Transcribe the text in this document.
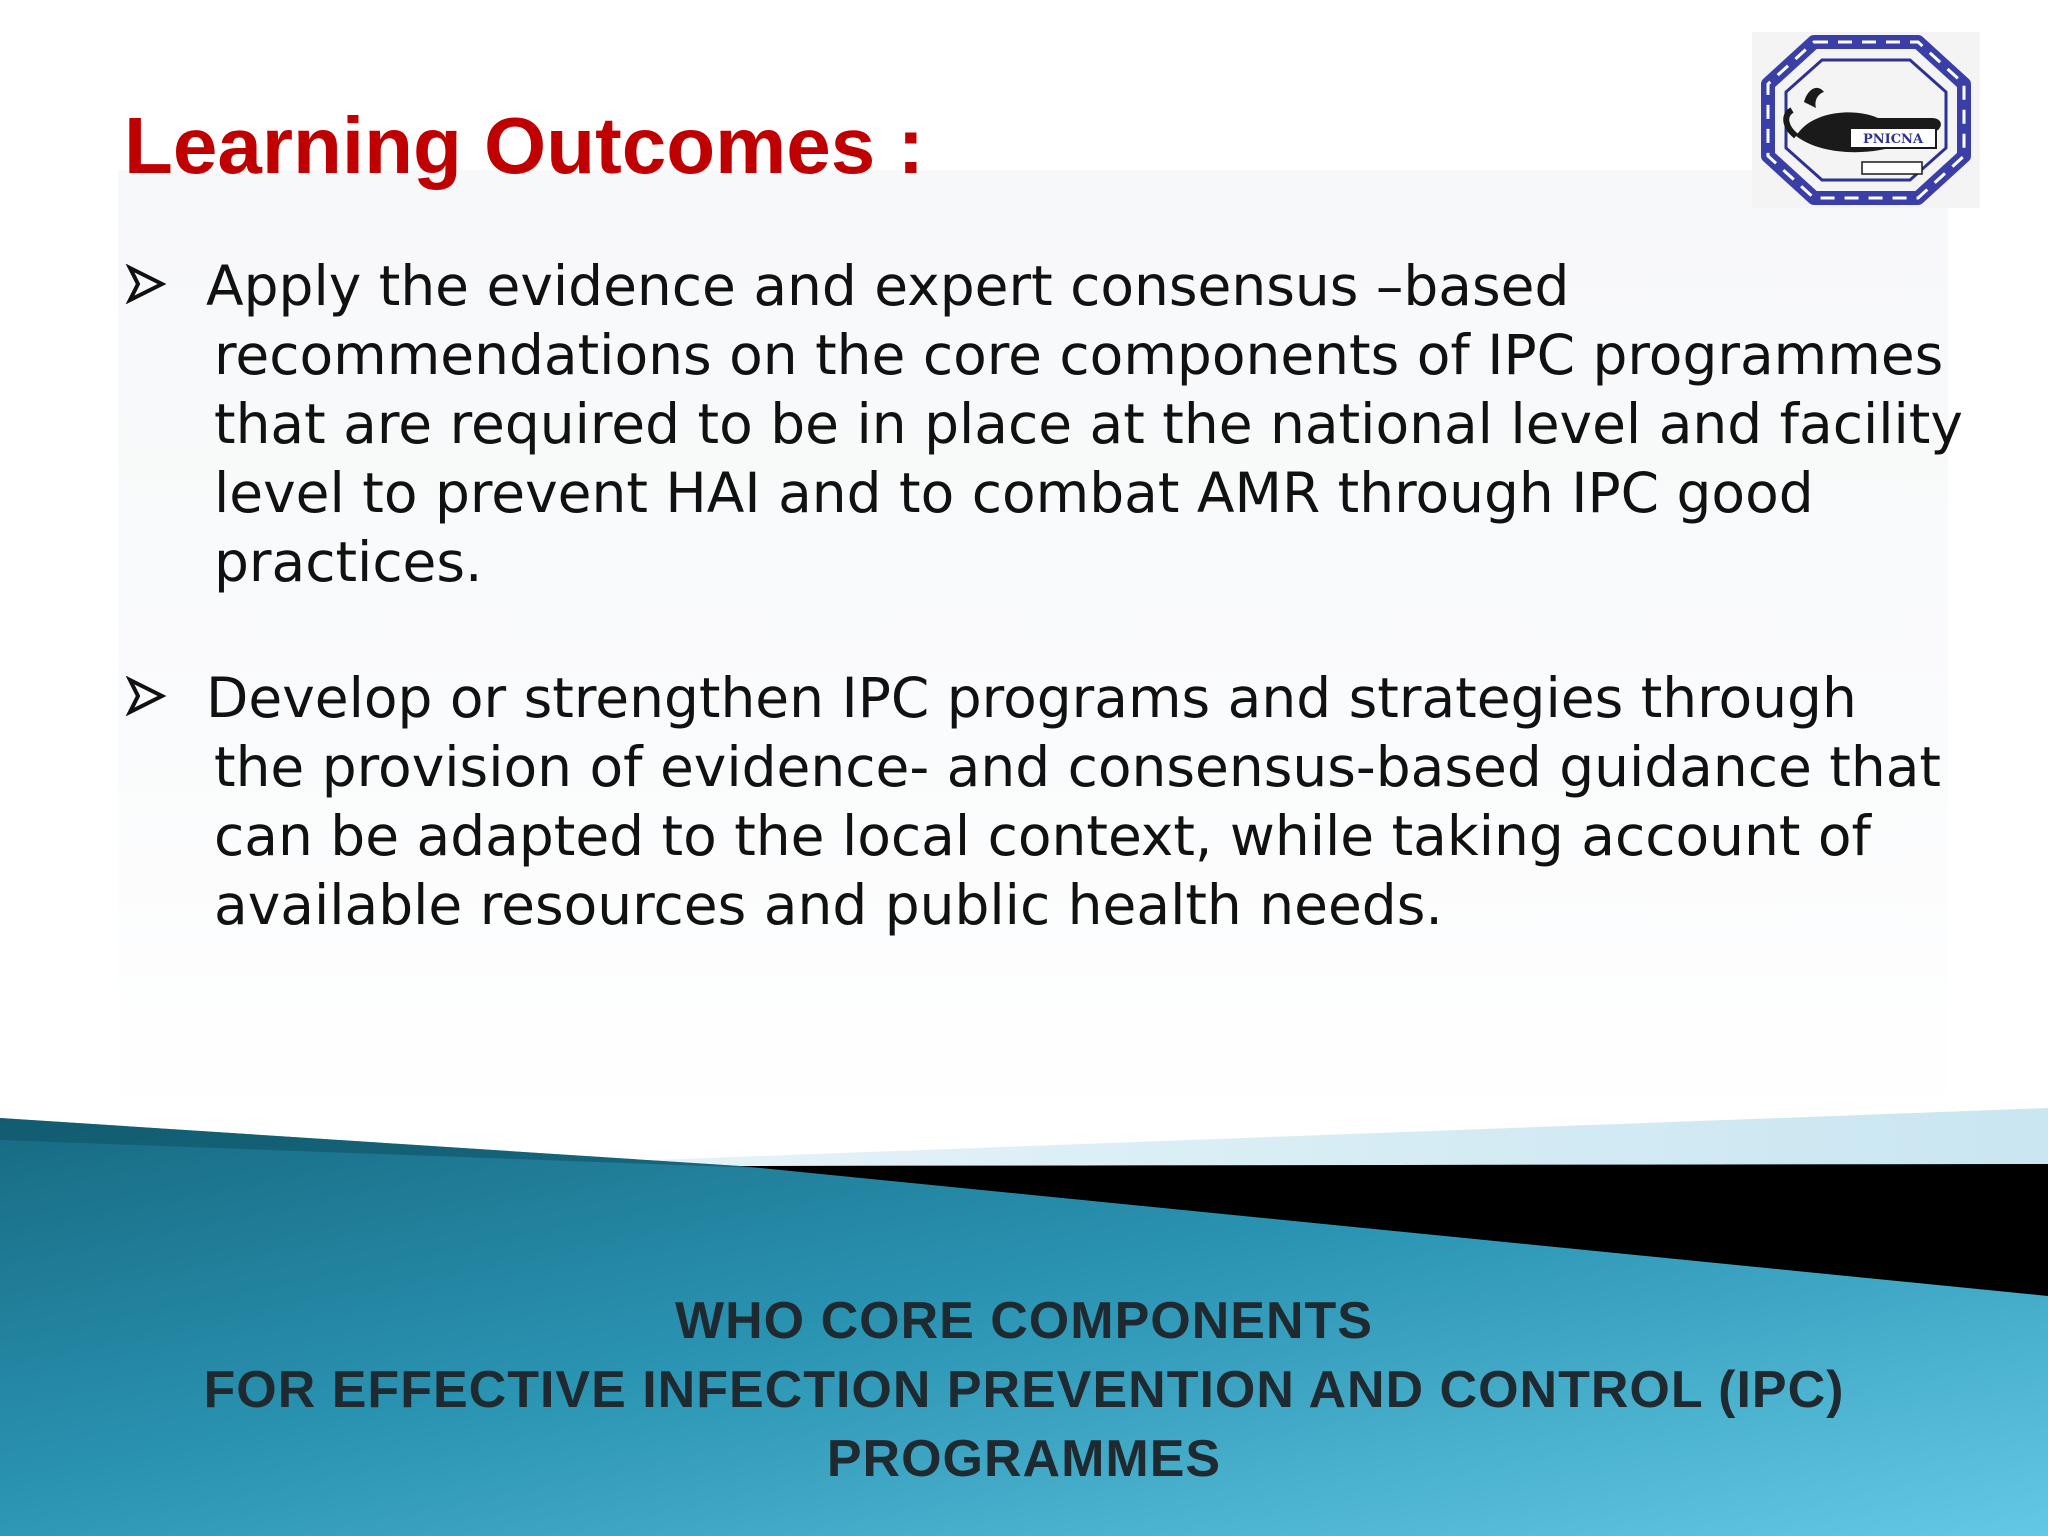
Learning Outcomes :	PNICNA

Apply the evidence and expert consensus –based recommendations on the core components of IPC programmes that are required to be in place at the national level and facility level to prevent HAI and to combat AMR through IPC good practices.

Develop or strengthen IPC programs and strategies through the provision of evidence- and consensus-based guidance that can be adapted to the local context, while taking account of available resources and public health needs.

WHO CORE COMPONENTS
FOR EFFECTIVE INFECTION PREVENTION AND CONTROL (IPC)
PROGRAMMES
